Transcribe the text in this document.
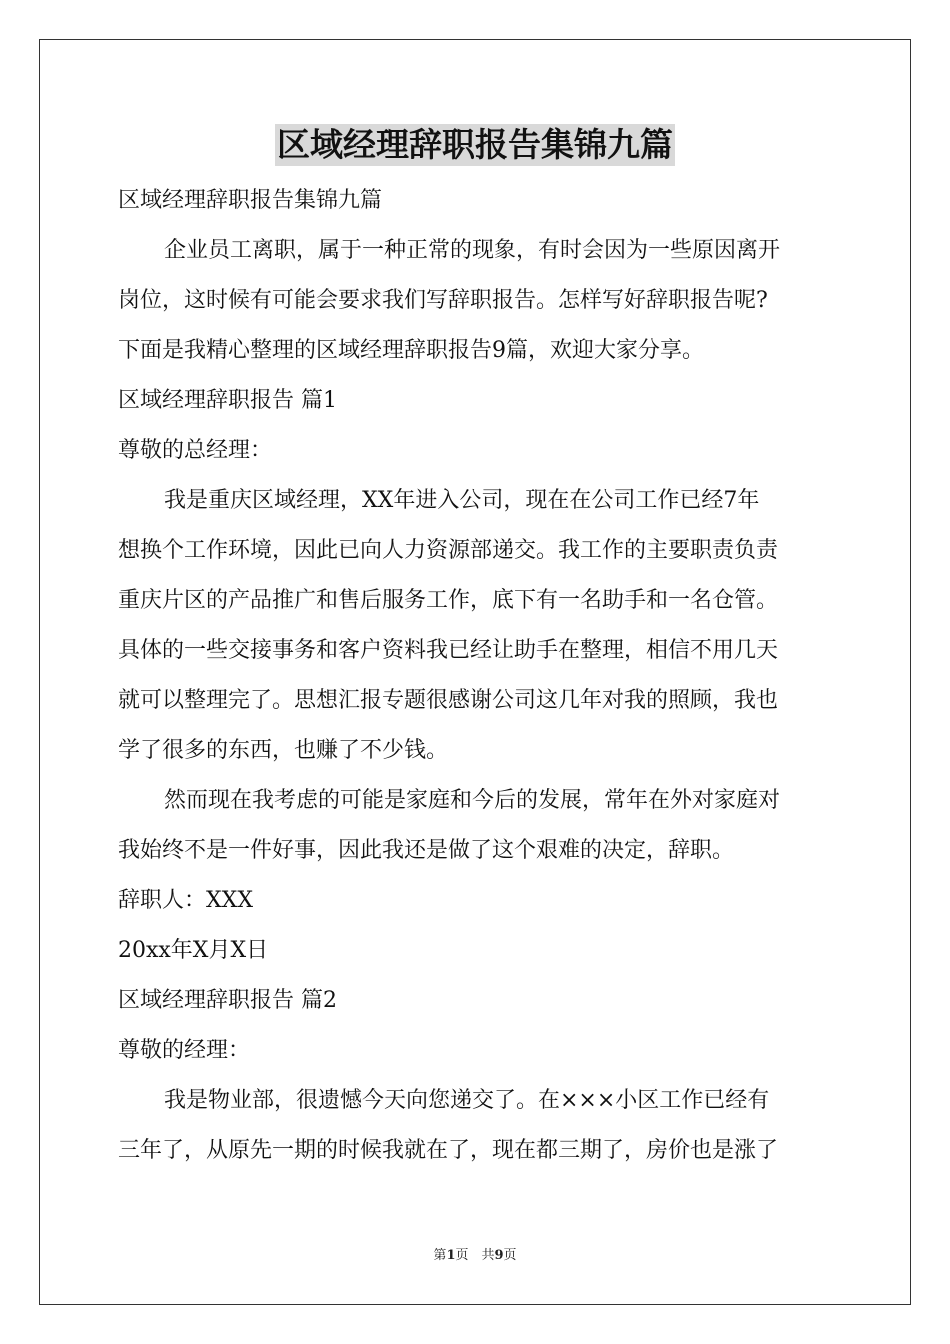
区域经理辞职报告集锦九篇
区域经理辞职报告集锦九篇
企业员工离职，属于一种正常的现象，有时会因为一些原因离开
岗位，这时候有可能会要求我们写辞职报告。怎样写好辞职报告呢?
下面是我精心整理的区域经理辞职报告9篇，欢迎大家分享。
区域经理辞职报告 篇1
尊敬的总经理：
我是重庆区域经理，XX年进入公司，现在在公司工作已经7年
想换个工作环境，因此已向人力资源部递交。我工作的主要职责负责
重庆片区的产品推广和售后服务工作，底下有一名助手和一名仓管。
具体的一些交接事务和客户资料我已经让助手在整理，相信不用几天
就可以整理完了。思想汇报专题很感谢公司这几年对我的照顾，我也
学了很多的东西，也赚了不少钱。
然而现在我考虑的可能是家庭和今后的发展，常年在外对家庭对
我始终不是一件好事，因此我还是做了这个艰难的决定，辞职。
辞职人：XXX
20xx年X月X日
区域经理辞职报告 篇2
尊敬的经理：
我是物业部，很遗憾今天向您递交了。在×××小区工作已经有
三年了，从原先一期的时候我就在了，现在都三期了，房价也是涨了
第1页　共9页
